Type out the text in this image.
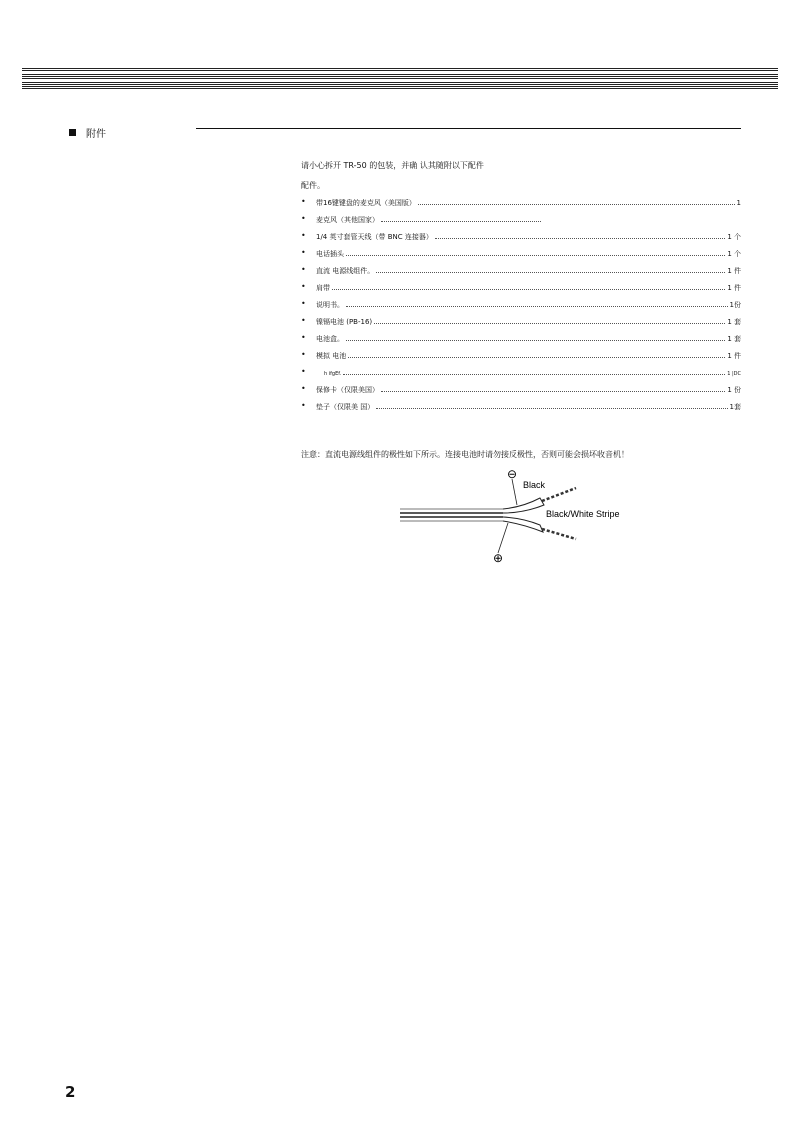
附件
请小心拆开 TR-50 的包装，并确 认其随附以下配件
配件。
• 带16键键盘的麦克风（美国版）	1
• 麦克风（其他国家）
• 1/4 英寸套管天线（带 BNC 连接器）	1 个
• 电话插头	1 个
• 直流 电源线组件。	1 件
• 肩带	1 件
• 说明书。	1份
• 镍镉电池 (PB-16)	1 套
• 电池盒。	1 套
• 模拟 电池	1 件
•	h ifgEf.	1 |DC
• 保修卡（仅限美国）	1 份
• 垫子（仅限美 国）	1套
注意：直流电源线组件的极性如下所示。连接电池时请勿接反极性，否则可能会损坏收音机！
⊖
⊕
Black
Black/White Stripe
2
